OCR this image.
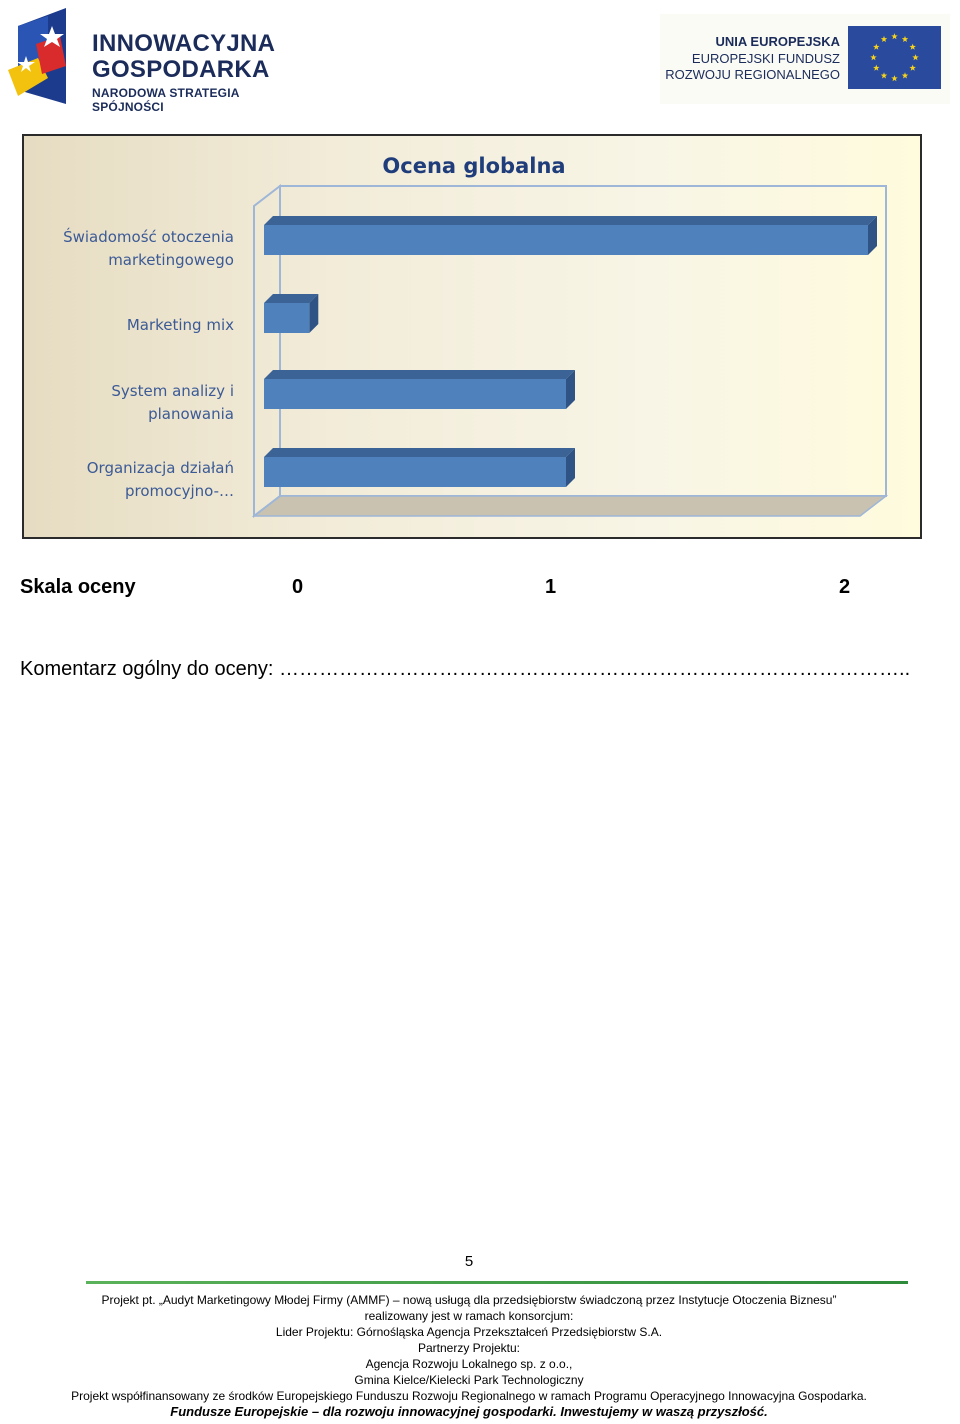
INNOWACYJNA
GOSPODARKA
NARODOWA STRATEGIA SPÓJNOŚCI
UNIA EUROPEJSKA
EUROPEJSKI FUNDUSZ
ROZWOJU REGIONALNEGO
Ocena globalna
Świadomość otoczenia
marketingowego
Marketing mix
System analizy i
planowania
Organizacja działań
promocyjno-…
Skala oceny	0	1	2
Komentarz ogólny do oceny: …………………………………………………………………………………..
5
Projekt pt. „Audyt Marketingowy Młodej Firmy (AMMF) – nową usługą dla przedsiębiorstw świadczoną przez Instytucje Otoczenia Biznesu”
realizowany jest w ramach konsorcjum:
Lider Projektu: Górnośląska Agencja Przekształceń Przedsiębiorstw S.A.
Partnerzy Projektu:
Agencja Rozwoju Lokalnego sp. z o.o.,
Gmina Kielce/Kielecki Park Technologiczny
Projekt współfinansowany ze środków Europejskiego Funduszu Rozwoju Regionalnego w ramach Programu Operacyjnego Innowacyjna Gospodarka.
Fundusze Europejskie – dla rozwoju innowacyjnej gospodarki. Inwestujemy w waszą przyszłość.
